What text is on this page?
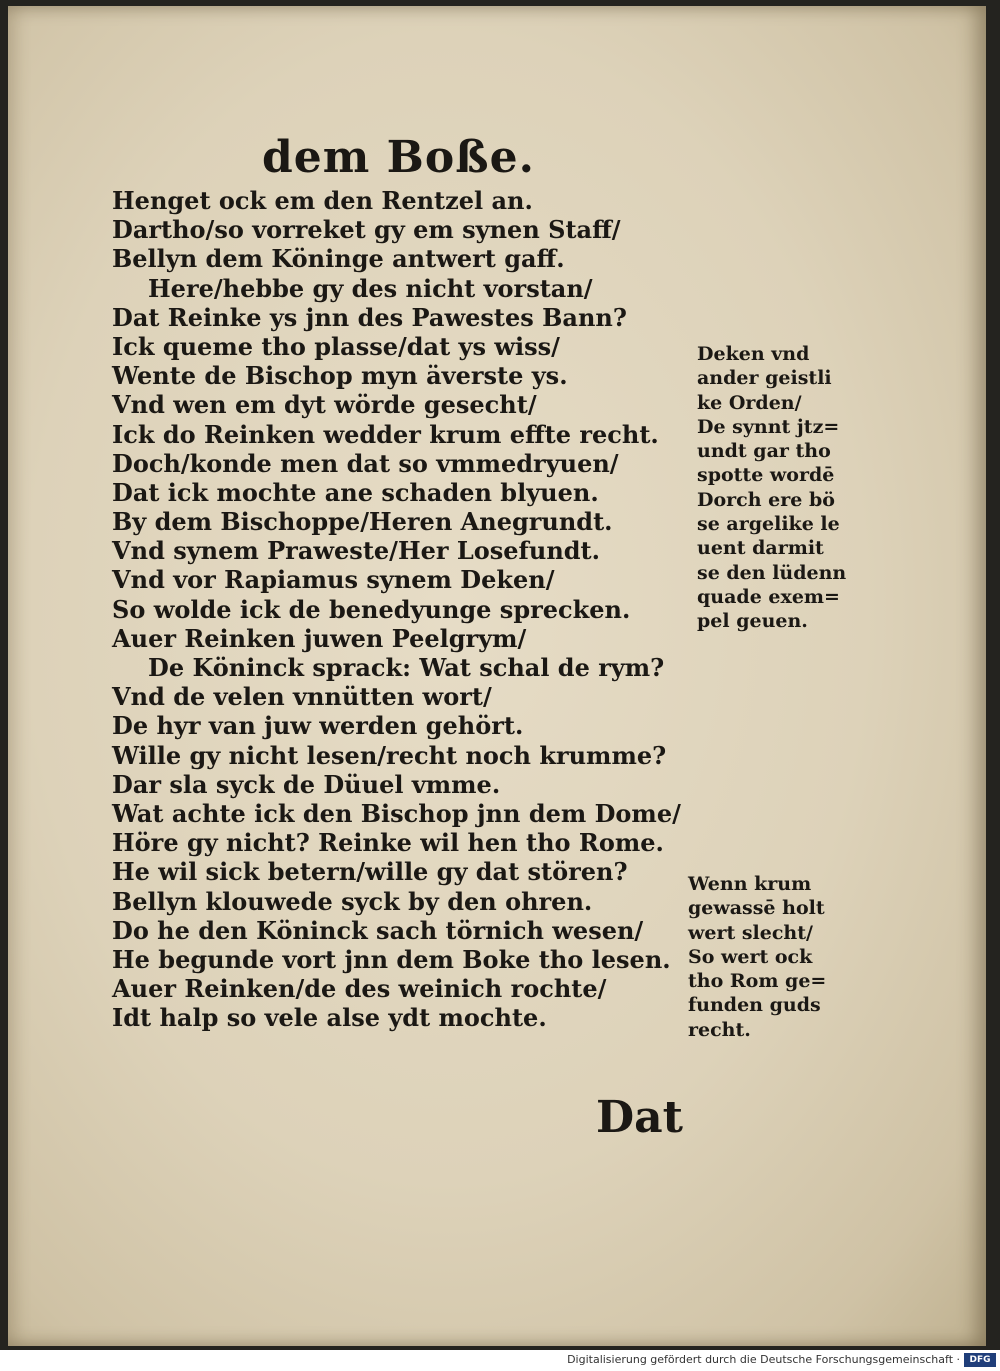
dem Boße.
Henget ock em den Rentzel an.
Dartho/so vorreket gy em synen Staff/
Bellyn dem Köninge antwert gaff.
Here/hebbe gy des nicht vorstan/
Dat Reinke ys jnn des Pawestes Bann?
Ick queme tho plasse/dat ys wiss/
Wente de Bischop myn äverste ys.
Vnd wen em dyt wörde gesecht/
Ick do Reinken wedder krum effte recht.
Doch/konde men dat so vmmedryuen/
Dat ick mochte ane schaden blyuen.
By dem Bischoppe/Heren Anegrundt.
Vnd synem Praweste/Her Losefundt.
Vnd vor Rapiamus synem Deken/
So wolde ick de benedyunge sprecken.
Auer Reinken juwen Peelgrym/
De Köninck sprack: Wat schal de rym?
Vnd de velen vnnütten wort/
De hyr van juw werden gehört.
Wille gy nicht lesen/recht noch krumme?
Dar sla syck de Düuel vmme.
Wat achte ick den Bischop jnn dem Dome/
Höre gy nicht? Reinke wil hen tho Rome.
He wil sick betern/wille gy dat stören?
Bellyn klouwede syck by den ohren.
Do he den Köninck sach törnich wesen/
He begunde vort jnn dem Boke tho lesen.
Auer Reinken/de des weinich rochte/
Idt halp so vele alse ydt mochte.
Deken vnd
ander geistli
ke Orden/
De synnt jtz=
undt gar tho
spotte wordē
Dorch ere bö
se argelike le
uent darmit
se den lüdenn
quade exem=
pel geuen.
Wenn krum
gewassē holt
wert slecht/
So wert ock
tho Rom ge=
funden guds
recht.
Dat
Digitalisierung gefördert durch die Deutsche Forschungsgemeinschaft ·	DFG
